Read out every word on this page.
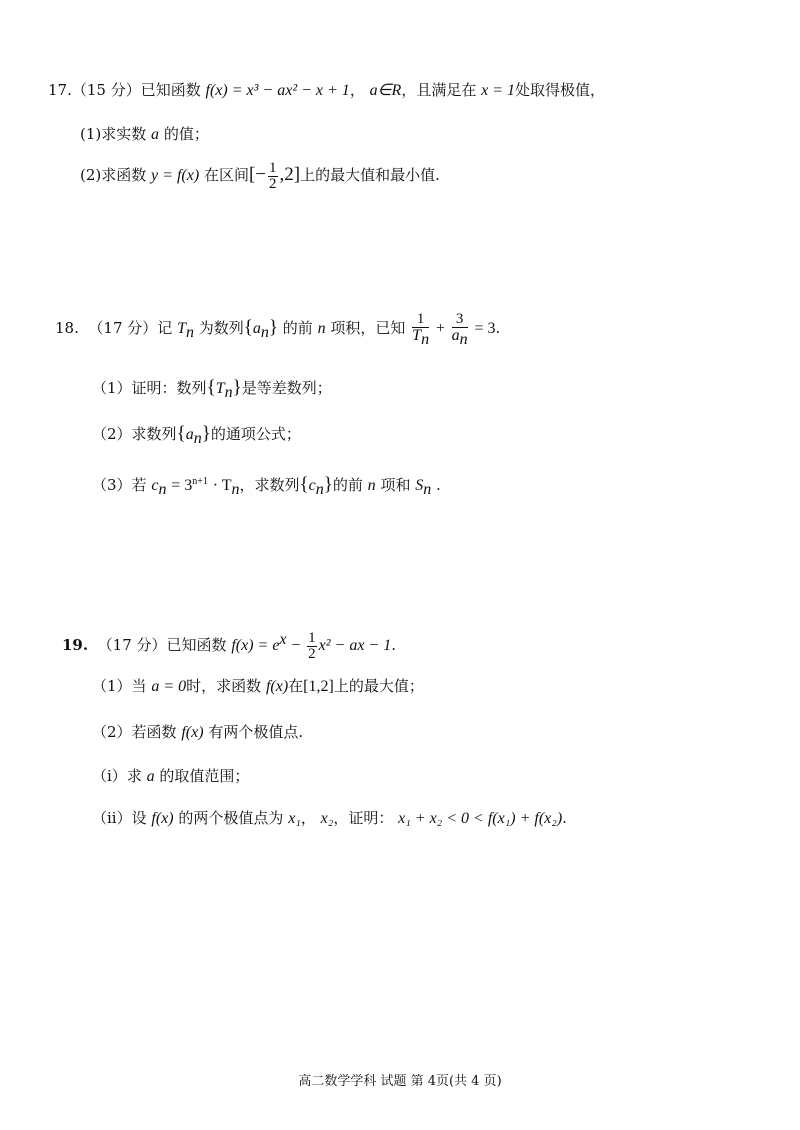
17.（15 分）已知函数 f(x) = x³ − ax² − x + 1， a∈R，且满足在 x = 1处取得极值，
(1)求实数 a 的值；
(2)求函数 y = f(x) 在区间[− $\frac{1}{2} ,2$]上的最大值和最小值.
18. （17 分）记 $T_n$ 为数列$\{a_n\}$ 的前 n 项积，已知 $\frac{1}{T_n} + \frac{3}{a_n} = 3$.
（1）证明：数列$\{T_n\}$是等差数列；
（2）求数列$\{a_n\}$的通项公式；
（3）若 $c_n = 3^{n+1} \cdot T_n$，求数列$\{c_n\}$的前 n 项和 $S_n$ .
19. （17 分）已知函数 $f(x) = e^x - \frac{1}{2} x^2$ − ax − 1.
（1）当 a = 0时，求函数 f(x)在[1,2]上的最大值；
（2）若函数 f(x) 有两个极值点.
（i）求 a 的取值范围；
（ii）设 f(x) 的两个极值点为 x₁， x₂，证明： x₁ + x₂ < 0 < f(x₁) + f(x₂).
高二数学学科 试题 第 4页(共 4 页)
